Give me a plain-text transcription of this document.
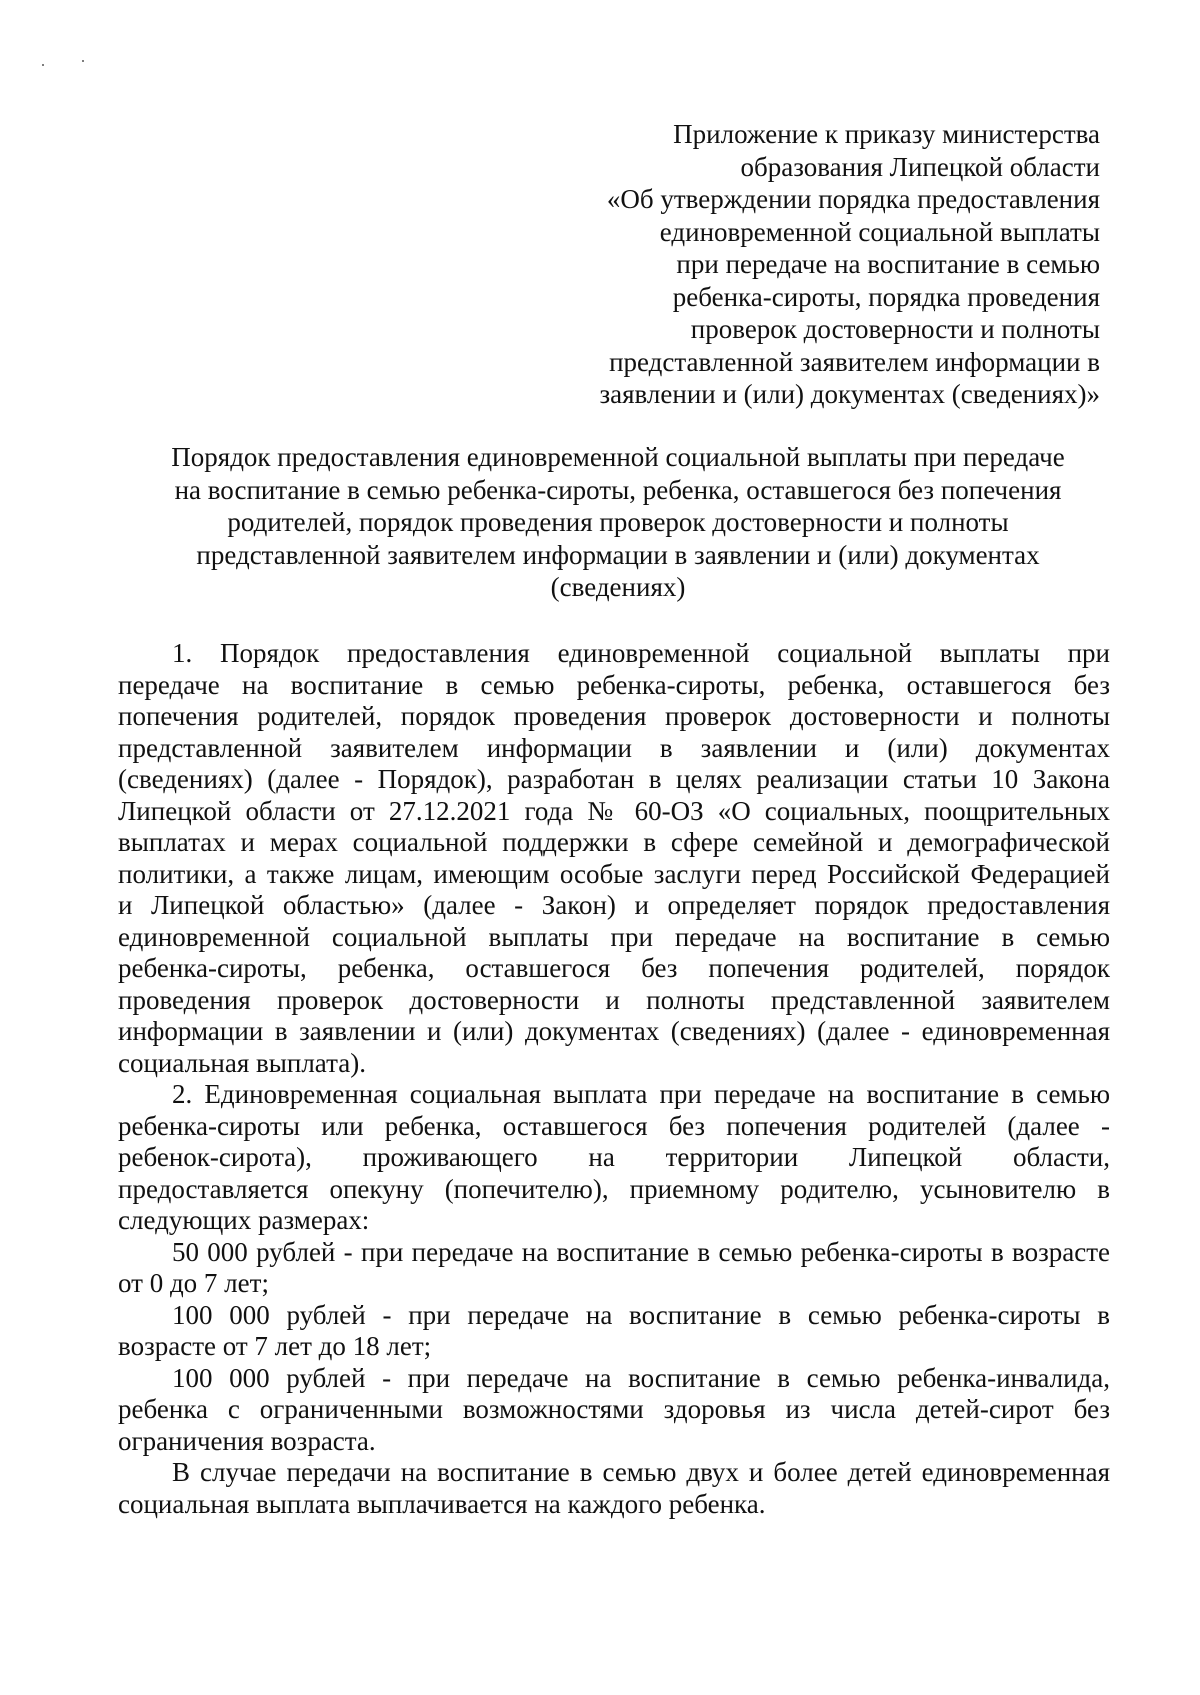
Приложение к приказу министерства
образования Липецкой области
«Об утверждении порядка предоставления
единовременной социальной выплаты
при передаче на воспитание в семью
ребенка-сироты, порядка проведения
проверок достоверности и полноты
представленной заявителем информации в
заявлении и (или) документах (сведениях)»
Порядок предоставления единовременной социальной выплаты при передаче
на воспитание в семью ребенка-сироты, ребенка, оставшегося без попечения
родителей, порядок проведения проверок достоверности и полноты
представленной заявителем информации в заявлении и (или) документах
(сведениях)
1. Порядок предоставления единовременной социальной выплаты при
передаче на воспитание в семью ребенка-сироты, ребенка, оставшегося без
попечения родителей, порядок проведения проверок достоверности и полноты
представленной заявителем информации в заявлении и (или) документах
(сведениях) (далее - Порядок), разработан в целях реализации статьи 10 Закона
Липецкой области от 27.12.2021 года № 60-ОЗ «О социальных, поощрительных
выплатах и мерах социальной поддержки в сфере семейной и демографической
политики, а также лицам, имеющим особые заслуги перед Российской Федерацией
и Липецкой областью» (далее - Закон) и определяет порядок предоставления
единовременной социальной выплаты при передаче на воспитание в семью
ребенка-сироты, ребенка, оставшегося без попечения родителей, порядок
проведения проверок достоверности и полноты представленной заявителем
информации в заявлении и (или) документах (сведениях) (далее - единовременная
социальная выплата).
2. Единовременная социальная выплата при передаче на воспитание в семью
ребенка-сироты или ребенка, оставшегося без попечения родителей (далее -
ребенок-сирота), проживающего на территории Липецкой области,
предоставляется опекуну (попечителю), приемному родителю, усыновителю в
следующих размерах:
50 000 рублей - при передаче на воспитание в семью ребенка-сироты в возрасте
от 0 до 7 лет;
100 000 рублей - при передаче на воспитание в семью ребенка-сироты в
возрасте от 7 лет до 18 лет;
100 000 рублей - при передаче на воспитание в семью ребенка-инвалида,
ребенка с ограниченными возможностями здоровья из числа детей-сирот без
ограничения возраста.
В случае передачи на воспитание в семью двух и более детей единовременная
социальная выплата выплачивается на каждого ребенка.
